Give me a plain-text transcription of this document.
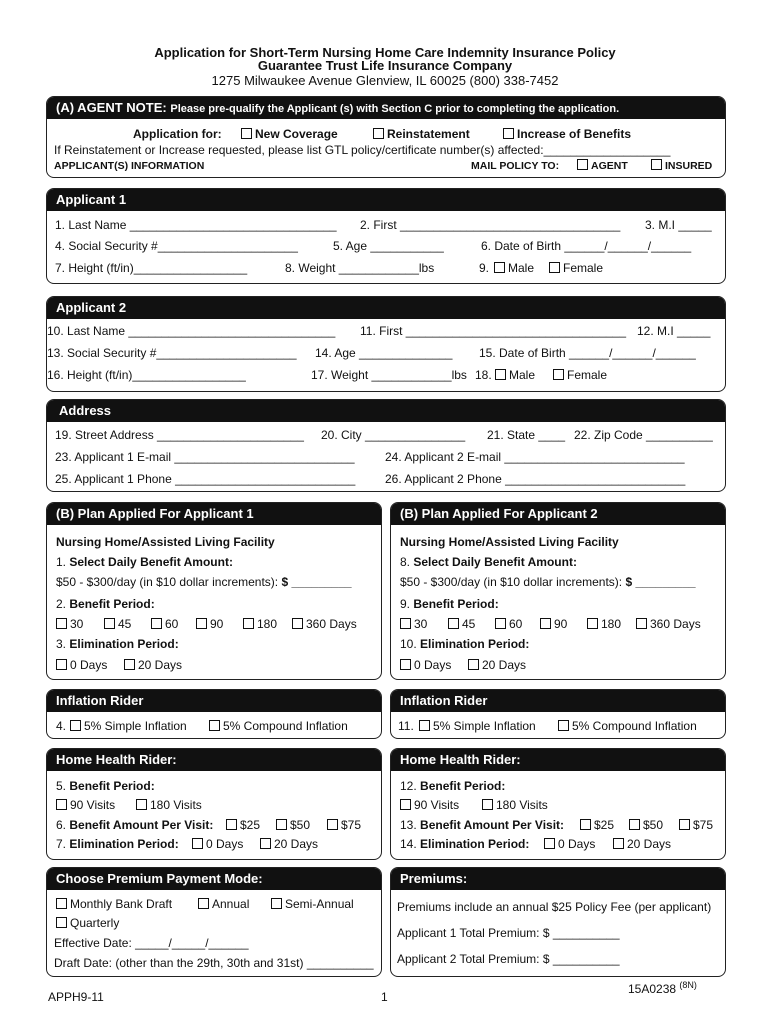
Application for Short-Term Nursing Home Care Indemnity Insurance Policy
Guarantee Trust Life Insurance Company
1275 Milwaukee Avenue Glenview, IL 60025 (800) 338-7452
(A) AGENT NOTE: Please pre-qualify the Applicant (s) with Section C prior to completing the application.
Application for:	New Coverage	Reinstatement	Increase of Benefits
If Reinstatement or Increase requested, please list GTL policy/certificate number(s) affected:___________________
APPLICANT(S) INFORMATION	MAIL POLICY TO:	AGENT	INSURED
Applicant 1
1. Last Name _______________________________ 2. First _________________________________ 3. M.I _____
4. Social Security #_____________________	5. Age ___________	6. Date of Birth ______/______/______
7. Height (ft/in)_________________	8. Weight ____________lbs	9.	Male	Female
Applicant 2
10. Last Name _______________________________ 11. First _________________________________ 12. M.I _____
13. Social Security #_____________________ 14. Age ______________ 15. Date of Birth ______/______/______
16. Height (ft/in)_________________	17. Weight ____________lbs 18.	Male	Female
Address
19. Street Address ______________________ 20. City _______________ 21. State ____ 22. Zip Code __________
23. Applicant 1 E-mail ___________________________	24. Applicant 2 E-mail ___________________________
25. Applicant 1 Phone ___________________________ 26. Applicant 2 Phone ___________________________
(B) Plan Applied For Applicant 1
Nursing Home/Assisted Living Facility
1. Select Daily Benefit Amount:
$50 - $300/day (in $10 dollar increments): $ _________
2. Benefit Period:
30	45	60	90	180	360 Days
3. Elimination Period:
0 Days	20 Days
(B) Plan Applied For Applicant 2
Nursing Home/Assisted Living Facility
8. Select Daily Benefit Amount:
$50 - $300/day (in $10 dollar increments): $ _________
9. Benefit Period:
30	45	60	90	180	360 Days
10. Elimination Period:
0 Days	20 Days
Inflation Rider
4.	5% Simple Inflation	5% Compound Inflation
Inflation Rider
11.	5% Simple Inflation	5% Compound Inflation
Home Health Rider:
5. Benefit Period:
90 Visits	180 Visits
6. Benefit Amount Per Visit:	$25	$50	$75
7. Elimination Period:	0 Days	20 Days
Home Health Rider:
12. Benefit Period:
90 Visits	180 Visits
13. Benefit Amount Per Visit:	$25	$50	$75
14. Elimination Period:	0 Days	20 Days
Choose Premium Payment Mode:
Monthly Bank Draft	Annual	Semi-Annual
Quarterly
Effective Date: _____/_____/______
Draft Date: (other than the 29th, 30th and 31st) __________
Premiums:
Premiums include an annual $25 Policy Fee (per applicant)
Applicant 1 Total Premium: $ __________
Applicant 2 Total Premium: $ __________
APPH9-11	1
15A0238 $^{(8N)}$
